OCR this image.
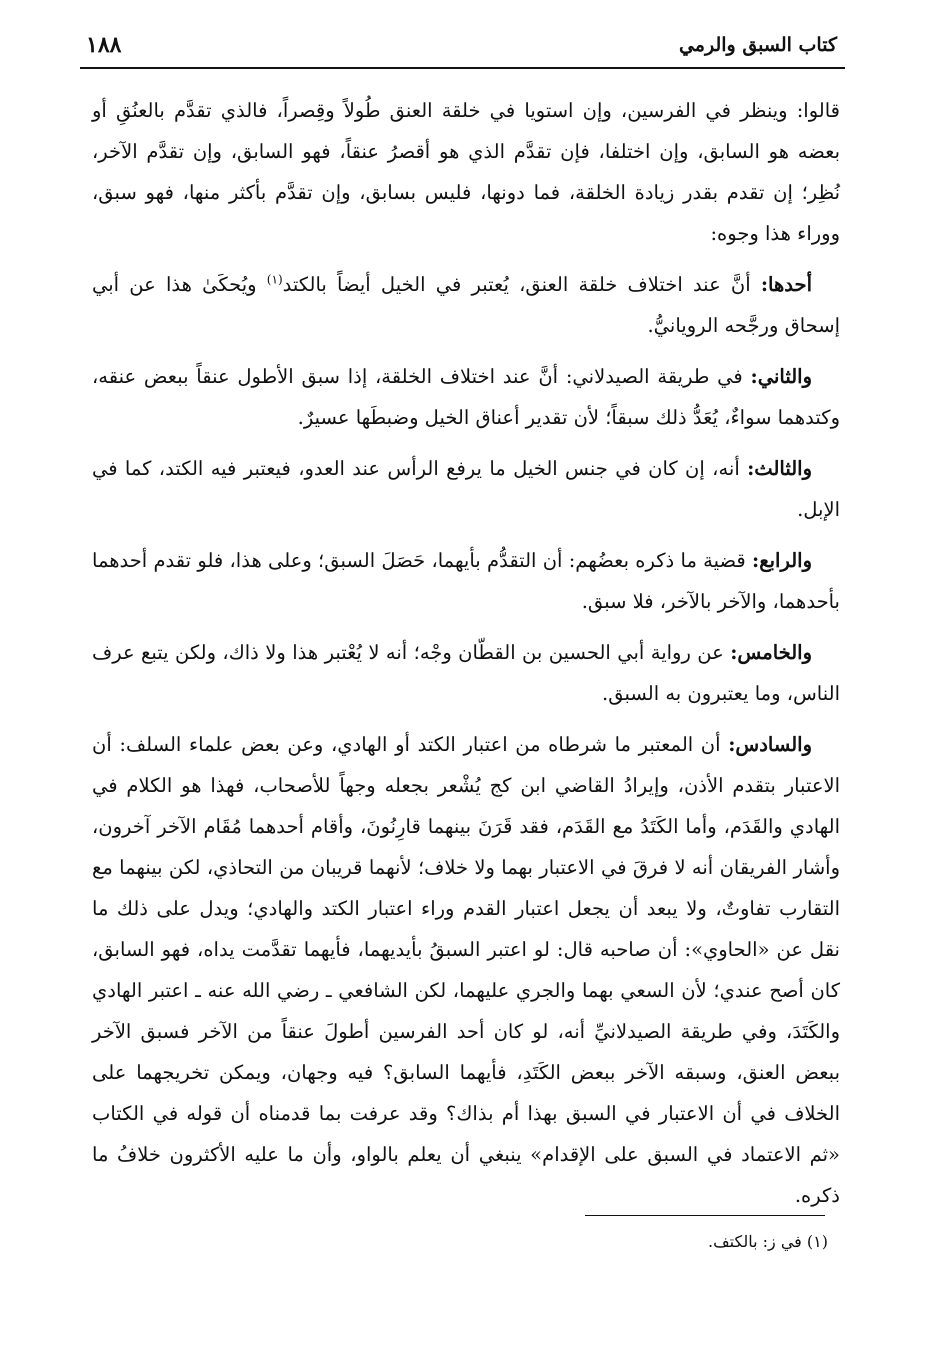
كتاب السبق والرمي
١٨٨

قالوا: وينظر في الفرسين، وإن استويا في خلقة العنق طُولاً وقِصراً، فالذي تقدَّم بالعنُقِ أو بعضه هو السابق، وإن اختلفا، فإن تقدَّم الذي هو أقصرُ عنقاً، فهو السابق، وإن تقدَّم الآخر، نُظِر؛ إن تقدم بقدر زيادة الخلقة، فما دونها، فليس بسابق، وإن تقدَّم بأكثر منها، فهو سبق، ووراء هذا وجوه:

أحدها: أنَّ عند اختلاف خلقة العنق، يُعتبر في الخيل أيضاً بالكتد$^{(١)}$ ويُحكَىٰ هذا عن أبي إسحاق ورجَّحه الرويانيُّ.

والثاني: في طريقة الصيدلاني: أنَّ عند اختلاف الخلقة، إذا سبق الأطول عنقاً ببعض عنقه، وكتدهما سواءٌ، يُعَدُّ ذلك سبقاً؛ لأن تقدير أعناق الخيل وضبطَها عسيرٌ.

والثالث: أنه، إن كان في جنس الخيل ما يرفع الرأس عند العدو، فيعتبر فيه الكتد، كما في الإبل.

والرابع: قضية ما ذكره بعضُهم: أن التقدُّم بأيهما، حَصَلَ السبق؛ وعلى هذا، فلو تقدم أحدهما بأحدهما، والآخر بالآخر، فلا سبق.

والخامس: عن رواية أبي الحسين بن القطّان وجْه؛ أنه لا يُعْتبر هذا ولا ذاك، ولكن يتبع عرف الناس، وما يعتبرون به السبق.

والسادس: أن المعتبر ما شرطاه من اعتبار الكتد أو الهادي، وعن بعض علماء السلف: أن الاعتبار بتقدم الأذن، وإيرادُ القاضي ابن كج يُشْعر بجعله وجهاً للأصحاب، فهذا هو الكلام في الهادي والقَدَم، وأما الكَتَدُ مع القَدَم، فقد قَرَنَ بينهما قارِنُونَ، وأقام أحدهما مُقَام الآخر آخرون، وأشار الفريقان أنه لا فرقَ في الاعتبار بهما ولا خلاف؛ لأنهما قريبان من التحاذي، لكن بينهما مع التقارب تفاوتٌ، ولا يبعد أن يجعل اعتبار القدم وراء اعتبار الكتد والهادي؛ ويدل على ذلك ما نقل عن «الحاوي»: أن صاحبه قال: لو اعتبر السبقُ بأيديهما، فأيهما تقدَّمت يداه، فهو السابق، كان أصح عندي؛ لأن السعي بهما والجري عليهما، لكن الشافعي ـ رضي الله عنه ـ اعتبر الهادي والكَتَدَ، وفي طريقة الصيدلانيِّ أنه، لو كان أحد الفرسين أطولَ عنقاً من الآخر فسبق الآخر ببعض العنق، وسبقه الآخر ببعض الكَتَدِ، فأيهما السابق؟ فيه وجهان، ويمكن تخريجهما على الخلاف في أن الاعتبار في السبق بهذا أم بذاك؟ وقد عرفت بما قدمناه أن قوله في الكتاب «ثم الاعتماد في السبق على الإقدام» ينبغي أن يعلم بالواو، وأن ما عليه الأكثرون خلافُ ما ذكره.

(١) في ز: بالكتف.
